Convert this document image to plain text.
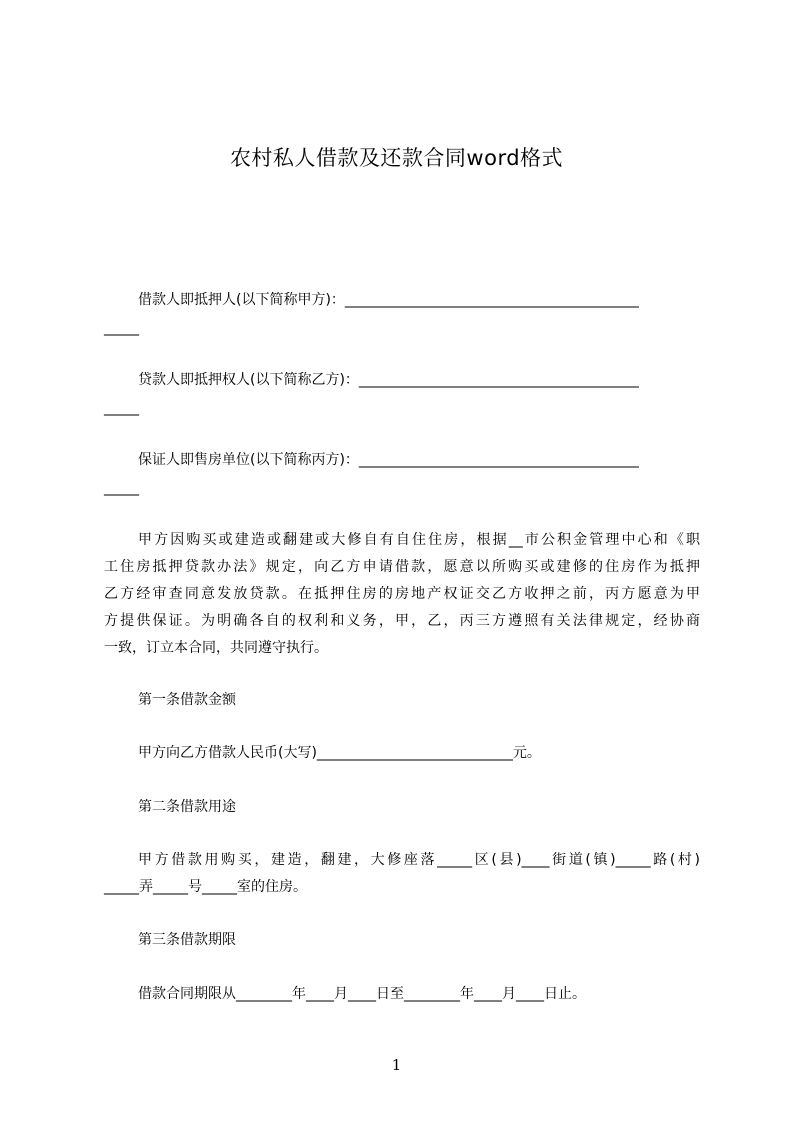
农村私人借款及还款合同word格式
借款人即抵押人(以下简称甲方)：__________________________________________
_____
贷款人即抵押权人(以下简称乙方)：________________________________________
_____
保证人即售房单位(以下简称丙方)：________________________________________
_____
甲方因购买或建造或翻建或大修自有自住住房，根据__市公积金管理中心和《职
工住房抵押贷款办法》规定，向乙方申请借款，愿意以所购买或建修的住房作为抵押
乙方经审查同意发放贷款。在抵押住房的房地产权证交乙方收押之前，丙方愿意为甲
方提供保证。为明确各自的权利和义务，甲，乙，丙三方遵照有关法律规定，经协商
一致，订立本合同，共同遵守执行。
第一条借款金额
甲方向乙方借款人民币(大写)____________________________元。
第二条借款用途
甲方借款用购买，建造，翻建，大修座落_____区(县)____街道(镇)_____路(村)
_____弄_____号_____室的住房。
第三条借款期限
借款合同期限从________年____月____日至________年____月____日止。
1
